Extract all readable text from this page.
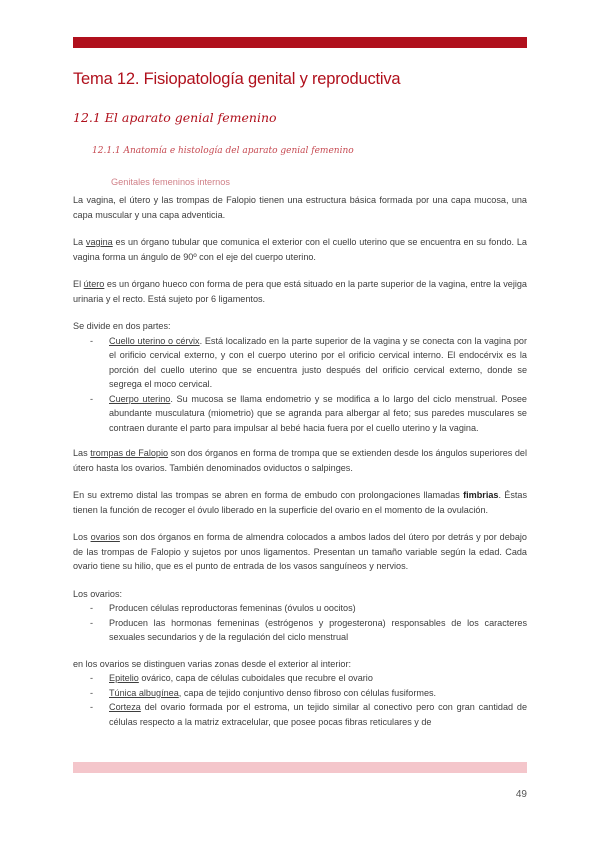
Tema 12. Fisiopatología genital y reproductiva
12.1 El aparato genial femenino
12.1.1 Anatomía e histología del aparato genial femenino
Genitales femeninos internos

La vagina, el útero y las trompas de Falopio tienen una estructura básica formada por una capa mucosa, una capa muscular y una capa adventicia.

La vagina es un órgano tubular que comunica el exterior con el cuello uterino que se encuentra en su fondo. La vagina forma un ángulo de 90º con el eje del cuerpo uterino.

El útero es un órgano hueco con forma de pera que está situado en la parte superior de la vagina, entre la vejiga urinaria y el recto. Está sujeto por 6 ligamentos.

Se divide en dos partes:

- Cuello uterino o cérvix. Está localizado en la parte superior de la vagina y se conecta con la vagina por el orificio cervical externo, y con el cuerpo uterino por el orificio cervical interno. El endocérvix es la porción del cuello uterino que se encuentra justo después del orificio cervical externo, donde se segrega el moco cervical.
- Cuerpo uterino. Su mucosa se llama endometrio y se modifica a lo largo del ciclo menstrual. Posee abundante musculatura (miometrio) que se agranda para albergar al feto; sus paredes musculares se contraen durante el parto para impulsar al bebé hacia fuera por el cuello uterino y la vagina.

Las trompas de Falopio son dos órganos en forma de trompa que se extienden desde los ángulos superiores del útero hasta los ovarios. También denominados oviductos o salpinges.

En su extremo distal las trompas se abren en forma de embudo con prolongaciones llamadas fimbrias. Éstas tienen la función de recoger el óvulo liberado en la superficie del ovario en el momento de la ovulación.

Los ovarios son dos órganos en forma de almendra colocados a ambos lados del útero por detrás y por debajo de las trompas de Falopio y sujetos por unos ligamentos. Presentan un tamaño variable según la edad. Cada ovario tiene su hilio, que es el punto de entrada de los vasos sanguíneos y nervios.

Los ovarios:

- Producen células reproductoras femeninas (óvulos u oocitos)
- Producen las hormonas femeninas (estrógenos y progesterona) responsables de los caracteres sexuales secundarios y de la regulación del ciclo menstrual

en los ovarios se distinguen varias zonas desde el exterior al interior:

- Epitelio ovárico, capa de células cuboidales que recubre el ovario
- Túnica albugínea, capa de tejido conjuntivo denso fibroso con células fusiformes.
- Corteza del ovario formada por el estroma, un tejido similar al conectivo pero con gran cantidad de células respecto a la matriz extracelular, que posee pocas fibras reticulares y de
49
